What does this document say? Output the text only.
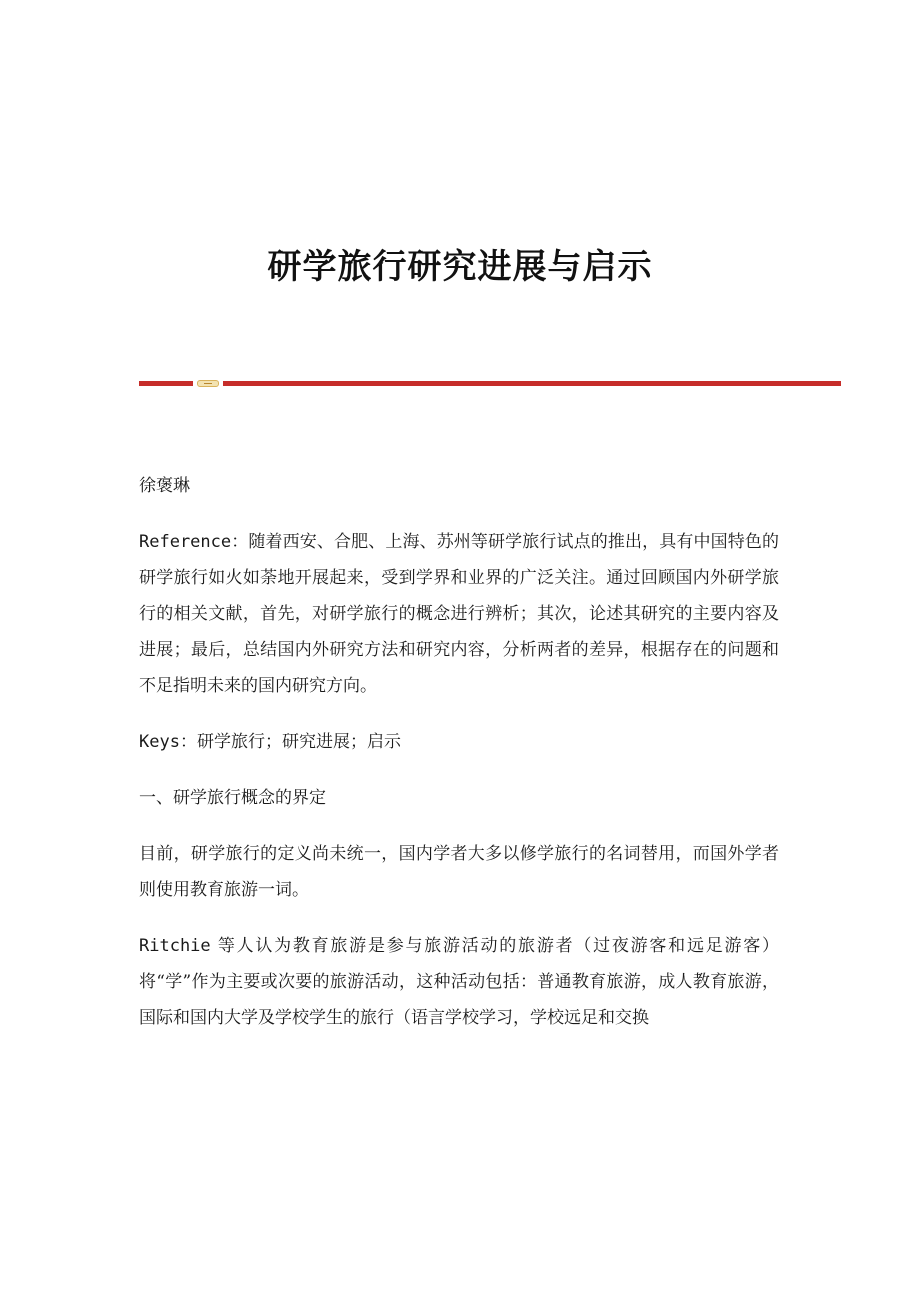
研学旅行研究进展与启示

徐褒琳

Reference：随着西安、合肥、上海、苏州等研学旅行试点的推出，具有中国特色的研学旅行如火如荼地开展起来，受到学界和业界的广泛关注。通过回顾国内外研学旅行的相关文献，首先，对研学旅行的概念进行辨析；其次，论述其研究的主要内容及进展；最后，总结国内外研究方法和研究内容，分析两者的差异，根据存在的问题和不足指明未来的国内研究方向。

Keys：研学旅行；研究进展；启示

一、研学旅行概念的界定

目前，研学旅行的定义尚未统一，国内学者大多以修学旅行的名词替用，而国外学者则使用教育旅游一词。

Ritchie 等人认为教育旅游是参与旅游活动的旅游者（过夜游客和远足游客）将“学”作为主要或次要的旅游活动，这种活动包括：普通教育旅游，成人教育旅游，国际和国内大学及学校学生的旅行（语言学校学习，学校远足和交换
